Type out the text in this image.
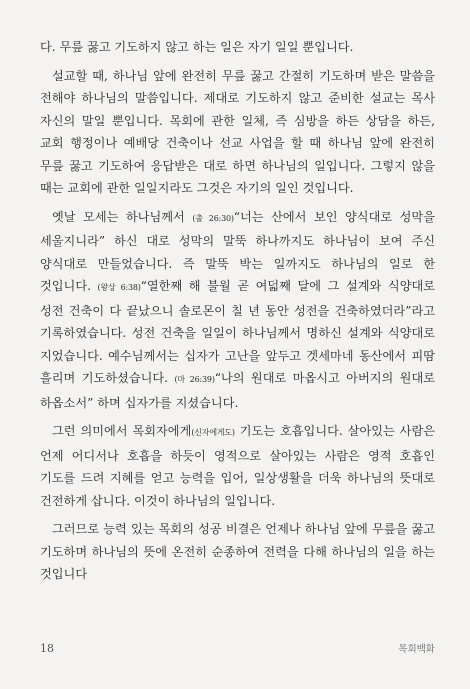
다. 무릎 꿇고 기도하지 않고 하는 일은 자기 일일 뿐입니다.

설교할 때, 하나님 앞에 완전히 무릎 꿇고 간절히 기도하며 받은 말씀을 전해야 하나님의 말씀입니다. 제대로 기도하지 않고 준비한 설교는 목사 자신의 말일 뿐입니다. 목회에 관한 일체, 즉 심방을 하든 상담을 하든, 교회 행정이나 예배당 건축이나 선교 사업을 할 때 하나님 앞에 완전히 무릎 꿇고 기도하여 응답받은 대로 하면 하나님의 일입니다. 그렇지 않을 때는 교회에 관한 일일지라도 그것은 자기의 일인 것입니다.

옛날 모세는 하나님께서 (출 26:30)“너는 산에서 보인 양식대로 성막을 세울지니라” 하신 대로 성막의 말뚝 하나까지도 하나님이 보여 주신 양식대로 만들었습니다. 즉 말뚝 박는 일까지도 하나님의 일로 한 것입니다. (왕상 6:38)“열한째 해 불월 곧 여덟째 달에 그 설계와 식양대로 성전 건축이 다 끝났으니 솔로몬이 칠 년 동안 성전을 건축하였더라”라고 기록하였습니다. 성전 건축을 일일이 하나님께서 명하신 설계와 식양대로 지었습니다. 예수님께서는 십자가 고난을 앞두고 겟세마네 동산에서 피땀 흘리며 기도하셨습니다. (마 26:39)“나의 원대로 마옵시고 아버지의 원대로 하옵소서” 하며 십자가를 지셨습니다.

그런 의미에서 목회자에게(신자에게도) 기도는 호흡입니다. 살아있는 사람은 언제 어디서나 호흡을 하듯이 영적으로 살아있는 사람은 영적 호흡인 기도를 드려 지혜를 얻고 능력을 입어, 일상생활을 더욱 하나님의 뜻대로 건전하게 삽니다. 이것이 하나님의 일입니다.

그러므로 능력 있는 목회의 성공 비결은 언제나 하나님 앞에 무릎을 꿇고 기도하며 하나님의 뜻에 온전히 순종하여 전력을 다해 하나님의 일을 하는 것입니다

18	목회백화
